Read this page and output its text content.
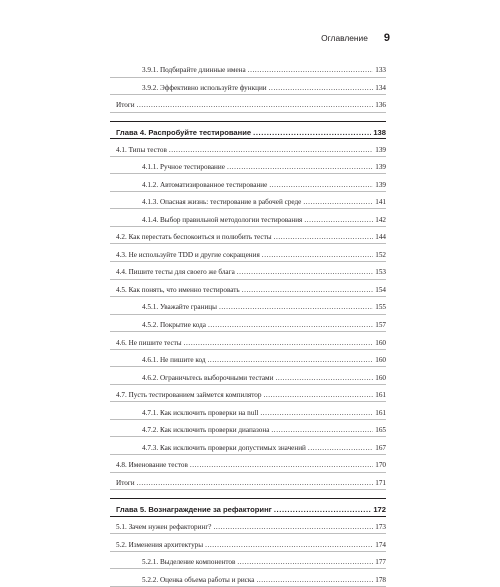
Оглавление 9
3.9.1. Подбирайте длинные имена .....	133
3.9.2. Эффективно используйте функции .....	134
Итоги .....	136
Глава 4. Распробуйте тестирование .....	138
4.1. Типы тестов .....	139
4.1.1. Ручное тестирование .....	139
4.1.2. Автоматизированное тестирование .....	139
4.1.3. Опасная жизнь: тестирование в рабочей среде .....	141
4.1.4. Выбор правильной методологии тестирования .....	142
4.2. Как перестать беспокоиться и полюбить тесты .....	144
4.3. Не используйте TDD и другие сокращения .....	152
4.4. Пишите тесты для своего же блага .....	153
4.5. Как понять, что именно тестировать .....	154
4.5.1. Уважайте границы .....	155
4.5.2. Покрытие кода .....	157
4.6. Не пишите тесты .....	160
4.6.1. Не пишите код .....	160
4.6.2. Ограничьтесь выборочными тестами .....	160
4.7. Пусть тестированием займется компилятор .....	161
4.7.1. Как исключить проверки на null .....	161
4.7.2. Как исключить проверки диапазона .....	165
4.7.3. Как исключить проверки допустимых значений .....	167
4.8. Именование тестов .....	170
Итоги .....	171
Глава 5. Вознаграждение за рефакторинг .....	172
5.1. Зачем нужен рефакторинг? .....	173
5.2. Изменения архитектуры .....	174
5.2.1. Выделение компонентов .....	177
5.2.2. Оценка объема работы и риска .....	178
